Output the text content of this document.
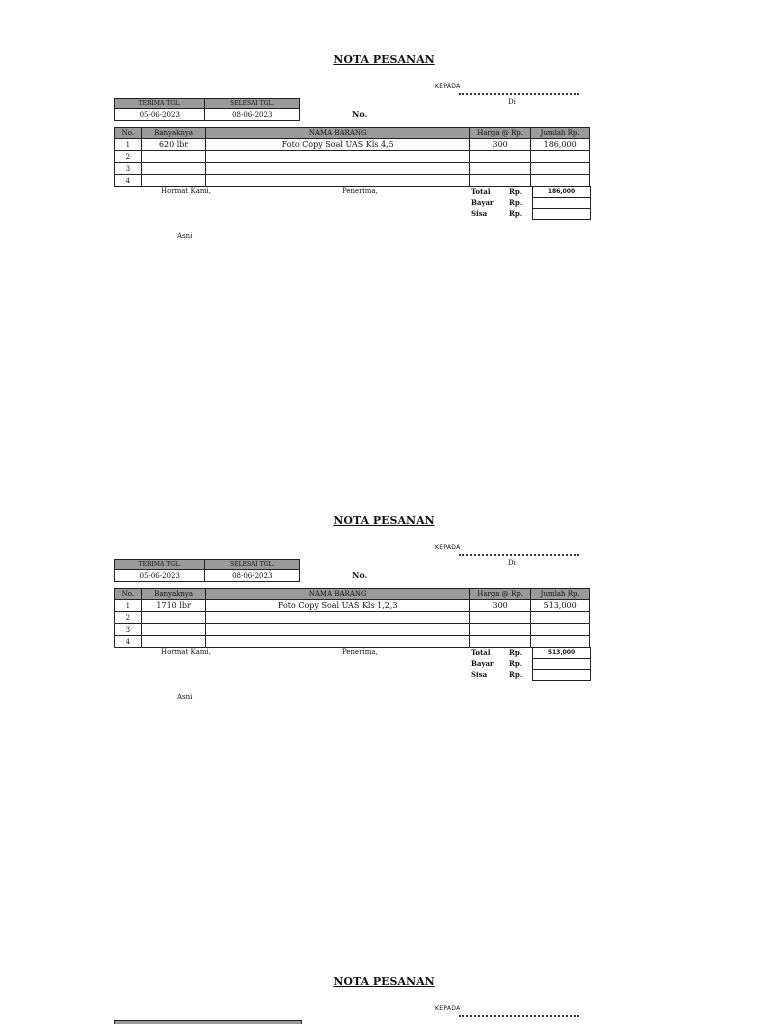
NOTA PESANAN
KEPADA
Di
No.
TERIMA TGL.	SELESAI TGL.
05-06-2023	08-06-2023
No.	Banyaknya	NAMA BARANG	Harga @ Rp.	Jumlah Rp.
1	620 lbr	Foto Copy Soal UAS Kls 4,5	300	186,000
2				
3				
4				
Hormat Kami,	Penerima,	Total	Rp.	186,000
Bayar Rp.
Sisa	Rp.
Asni
NOTA PESANAN
KEPADA
Di
No.
TERIMA TGL.	SELESAI TGL.
05-06-2023	08-06-2023
No.	Banyaknya	NAMA BARANG	Harga @ Rp.	Jumlah Rp.
1	1710 lbr	Foto Copy Soal UAS Kls 1,2,3	300	513,000
2				
3				
4				
Hormat Kami,	Penerima,	Total	Rp.	513,000
Bayar Rp.
Sisa	Rp.
Asni
NOTA PESANAN
KEPADA
